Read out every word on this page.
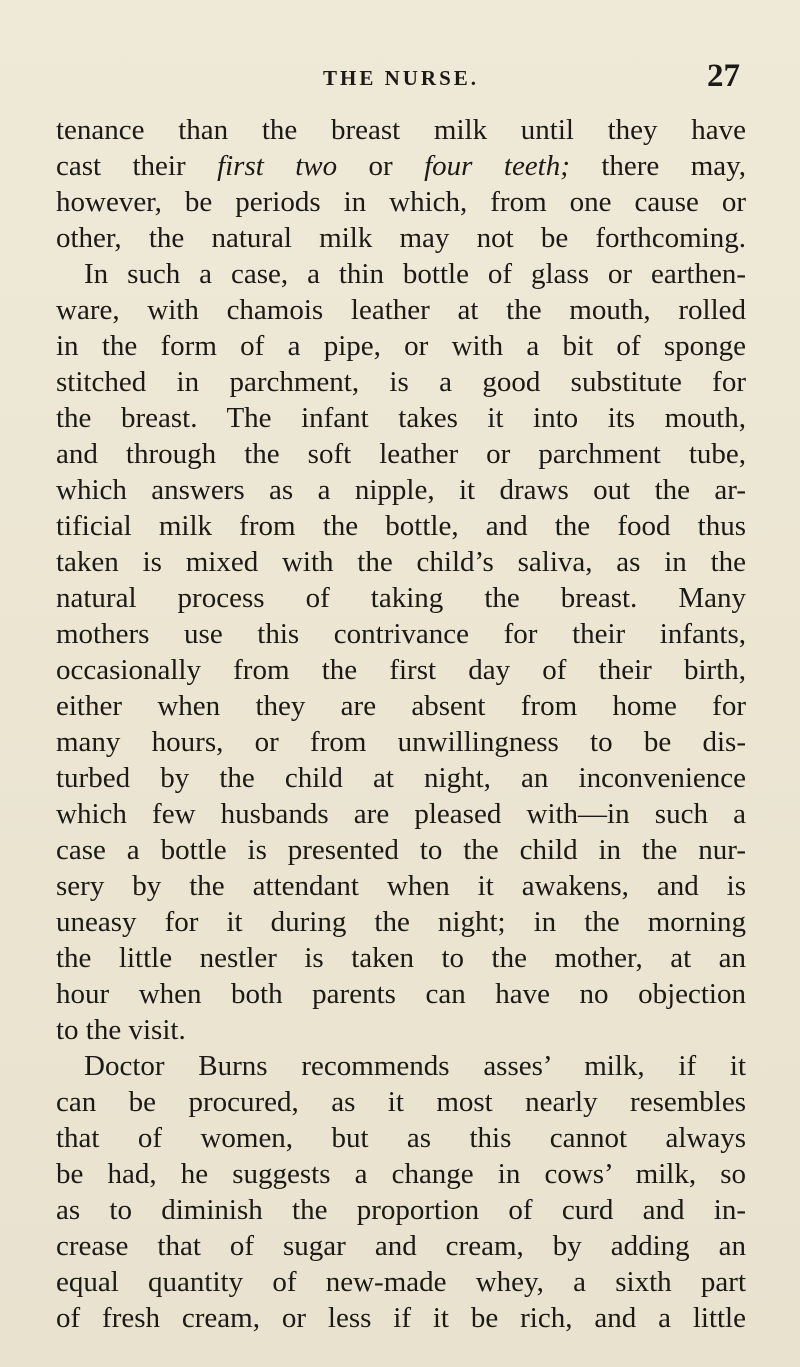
THE NURSE.	27
tenance than the breast milk until they have
cast their first two or four teeth; there may,
however, be periods in which, from one cause or
other, the natural milk may not be forthcoming.
In such a case, a thin bottle of glass or earthen-
ware, with chamois leather at the mouth, rolled
in the form of a pipe, or with a bit of sponge
stitched in parchment, is a good substitute for
the breast. The infant takes it into its mouth,
and through the soft leather or parchment tube,
which answers as a nipple, it draws out the ar-
tificial milk from the bottle, and the food thus
taken is mixed with the child’s saliva, as in the
natural process of taking the breast. Many
mothers use this contrivance for their infants,
occasionally from the first day of their birth,
either when they are absent from home for
many hours, or from unwillingness to be dis-
turbed by the child at night, an inconvenience
which few husbands are pleased with—in such a
case a bottle is presented to the child in the nur-
sery by the attendant when it awakens, and is
uneasy for it during the night; in the morning
the little nestler is taken to the mother, at an
hour when both parents can have no objection
to the visit.
Doctor Burns recommends asses’ milk, if it
can be procured, as it most nearly resembles
that of women, but as this cannot always
be had, he suggests a change in cows’ milk, so
as to diminish the proportion of curd and in-
crease that of sugar and cream, by adding an
equal quantity of new-made whey, a sixth part
of fresh cream, or less if it be rich, and a little
